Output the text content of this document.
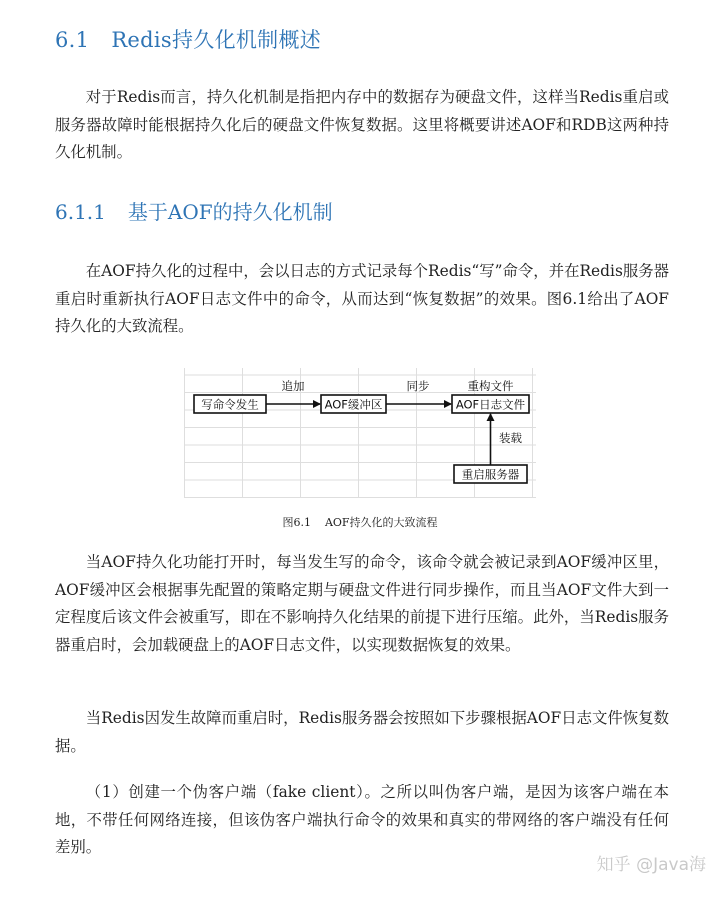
6.1 Redis持久化机制概述

对于Redis而言，持久化机制是指把内存中的数据存为硬盘文件，这样当Redis重启或服务器故障时能根据持久化后的硬盘文件恢复数据。这里将概要讲述AOF和RDB这两种持久化机制。

6.1.1 基于AOF的持久化机制

在AOF持久化的过程中，会以日志的方式记录每个Redis“写”命令，并在Redis服务器重启时重新执行AOF日志文件中的命令，从而达到“恢复数据”的效果。图6.1给出了AOF持久化的大致流程。

写命令发生	AOF缓冲区	AOF日志文件
重启服务器
追加	同步	重构文件
装载
图6.1 AOF持久化的大致流程

当AOF持久化功能打开时，每当发生写的命令，该命令就会被记录到AOF缓冲区里，AOF缓冲区会根据事先配置的策略定期与硬盘文件进行同步操作，而且当AOF文件大到一定程度后该文件会被重写，即在不影响持久化结果的前提下进行压缩。此外，当Redis服务器重启时，会加载硬盘上的AOF日志文件，以实现数据恢复的效果。

当Redis因发生故障而重启时，Redis服务器会按照如下步骤根据AOF日志文件恢复数据。

（1）创建一个伪客户端（fake client）。之所以叫伪客户端，是因为该客户端在本地，不带任何网络连接，但该伪客户端执行命令的效果和真实的带网络的客户端没有任何差别。

知乎 @Java海
